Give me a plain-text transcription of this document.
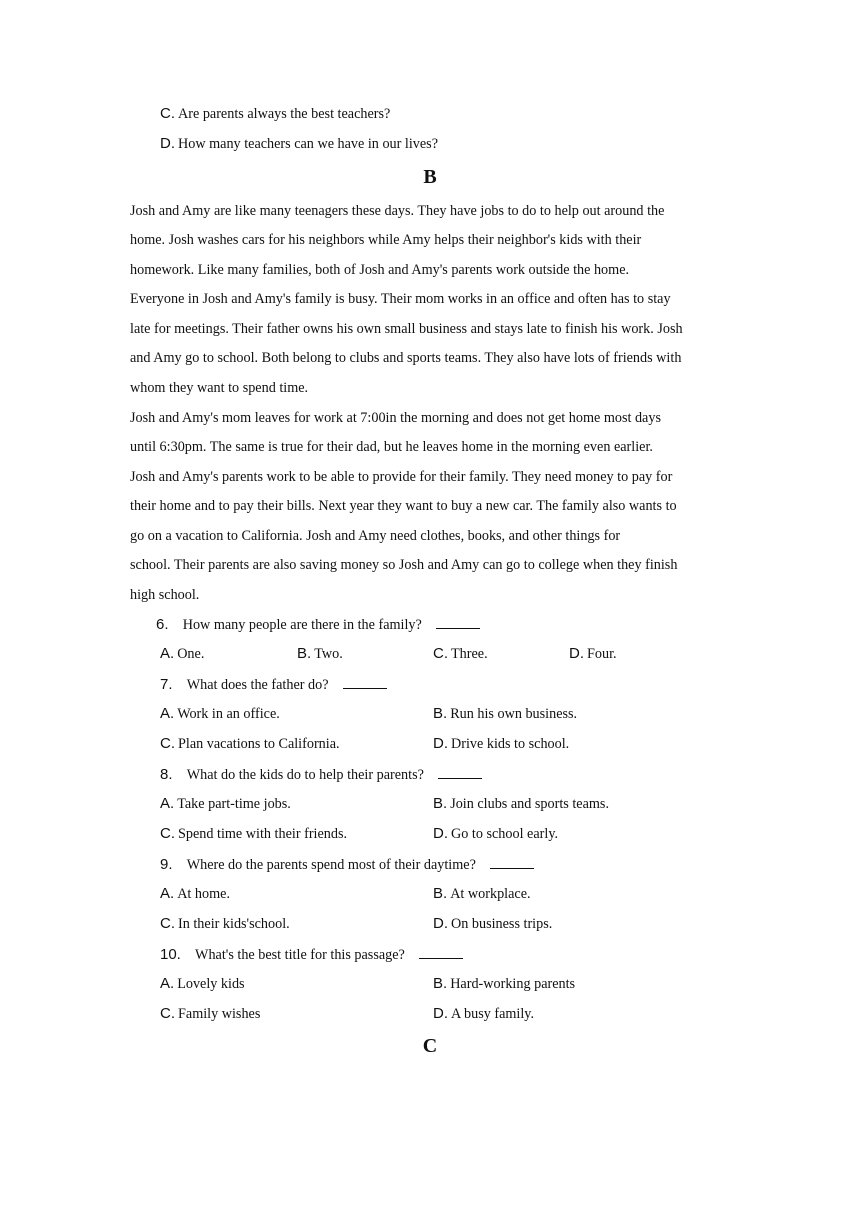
C. Are parents always the best teachers?
D. How many teachers can we have in our lives?
B
Josh and Amy are like many teenagers these days. They have jobs to do to help out around the
home. Josh washes cars for his neighbors while Amy helps their neighbor's kids with their
homework. Like many families, both of Josh and Amy's parents work outside the home.
Everyone in Josh and Amy's family is busy. Their mom works in an office and often has to stay
late for meetings. Their father owns his own small business and stays late to finish his work. Josh
and Amy go to school. Both belong to clubs and sports teams. They also have lots of friends with
whom they want to spend time.
Josh and Amy's mom leaves for work at 7:00in the morning and does not get home most days
until 6:30pm. The same is true for their dad, but he leaves home in the morning even earlier.
Josh and Amy's parents work to be able to provide for their family. They need money to pay for
their home and to pay their bills. Next year they want to buy a new car. The family also wants to
go on a vacation to California. Josh and Amy need clothes, books, and other things for
school. Their parents are also saving money so Josh and Amy can go to college when they finish
high school.
6. How many people are there in the family?
A. One.	B. Two.	C. Three.	D. Four.
7. What does the father do?
A. Work in an office.	B. Run his own business.
C. Plan vacations to California.	D. Drive kids to school.
8. What do the kids do to help their parents?
A. Take part-time jobs.	B. Join clubs and sports teams.
C. Spend time with their friends.	D. Go to school early.
9. Where do the parents spend most of their daytime?
A. At home.	B. At workplace.
C. In their kids'school.	D. On business trips.
10. What's the best title for this passage?
A. Lovely kids	B. Hard-working parents
C. Family wishes	D. A busy family.
C
